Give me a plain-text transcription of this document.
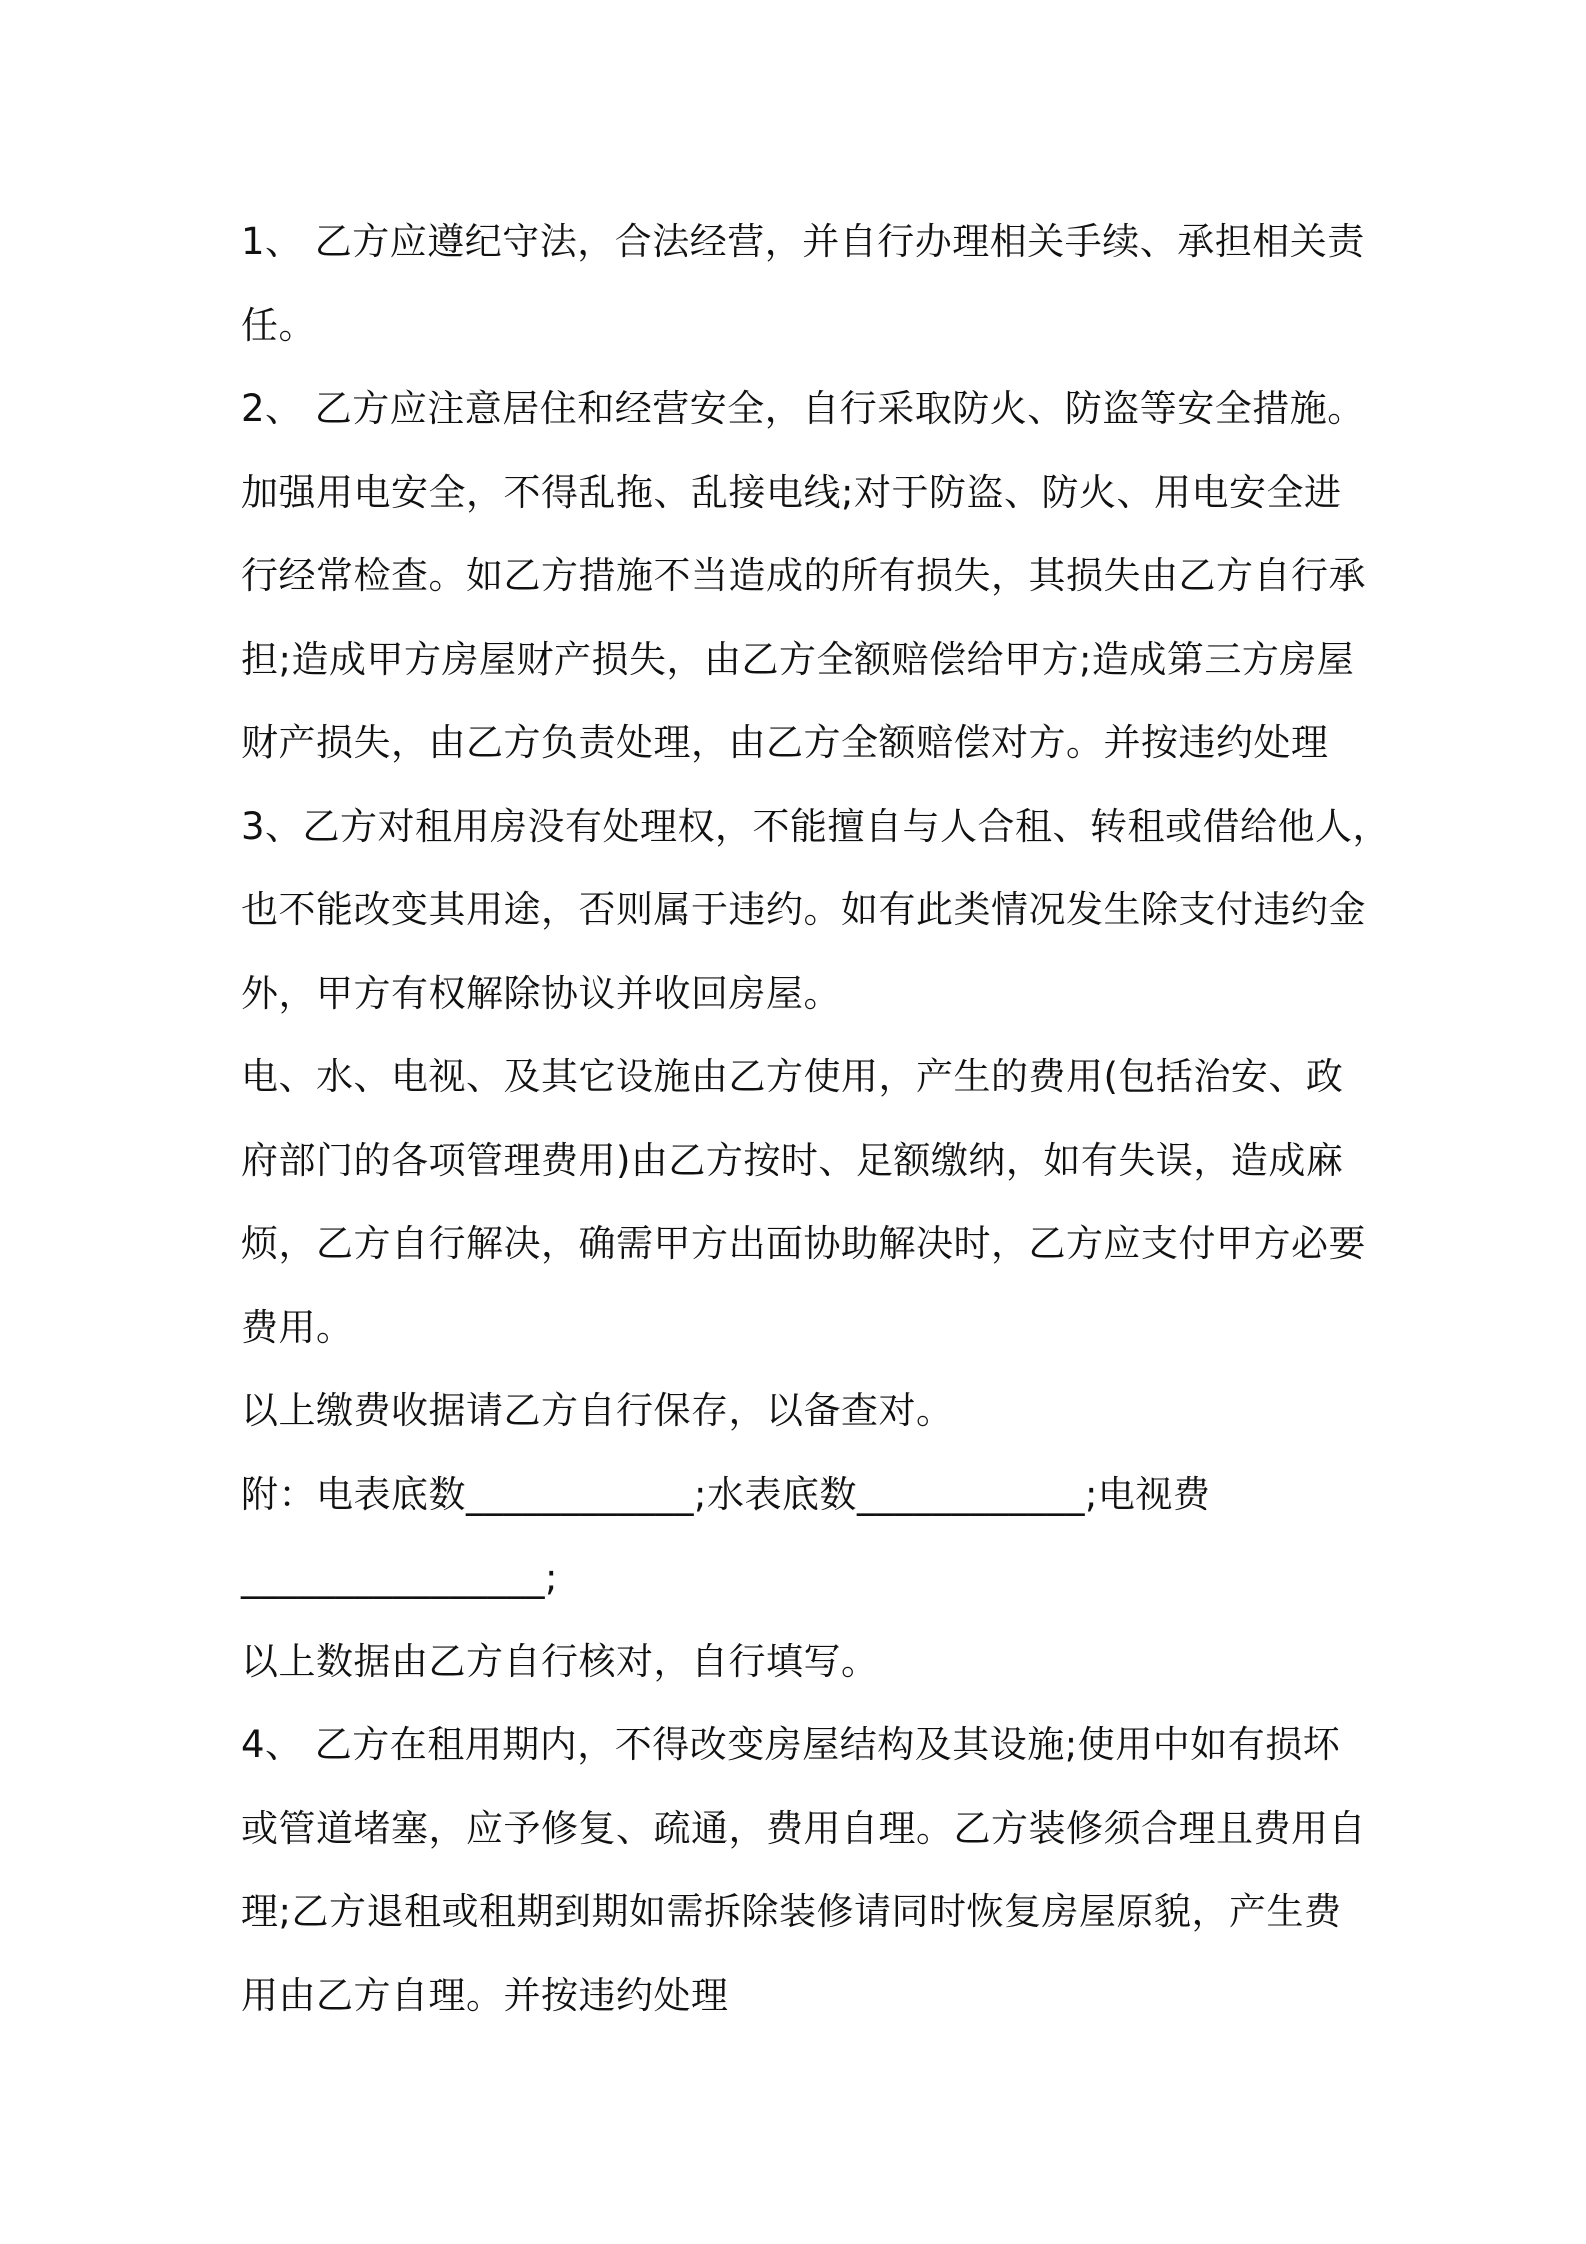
1、 乙方应遵纪守法，合法经营，并自行办理相关手续、承担相关责
任。
2、 乙方应注意居住和经营安全，自行采取防火、防盗等安全措施。
加强用电安全，不得乱拖、乱接电线;对于防盗、防火、用电安全进
行经常检查。如乙方措施不当造成的所有损失，其损失由乙方自行承
担;造成甲方房屋财产损失，由乙方全额赔偿给甲方;造成第三方房屋
财产损失，由乙方负责处理，由乙方全额赔偿对方。并按违约处理
3、乙方对租用房没有处理权，不能擅自与人合租、转租或借给他人，
也不能改变其用途，否则属于违约。如有此类情况发生除支付违约金
外，甲方有权解除协议并收回房屋。
电、水、电视、及其它设施由乙方使用，产生的费用(包括治安、政
府部门的各项管理费用)由乙方按时、足额缴纳，如有失误，造成麻
烦，乙方自行解决，确需甲方出面协助解决时，乙方应支付甲方必要
费用。
以上缴费收据请乙方自行保存，以备查对。
附：电表底数____________;水表底数____________;电视费
________________;
以上数据由乙方自行核对，自行填写。
4、 乙方在租用期内，不得改变房屋结构及其设施;使用中如有损坏
或管道堵塞，应予修复、疏通，费用自理。乙方装修须合理且费用自
理;乙方退租或租期到期如需拆除装修请同时恢复房屋原貌，产生费
用由乙方自理。并按违约处理
